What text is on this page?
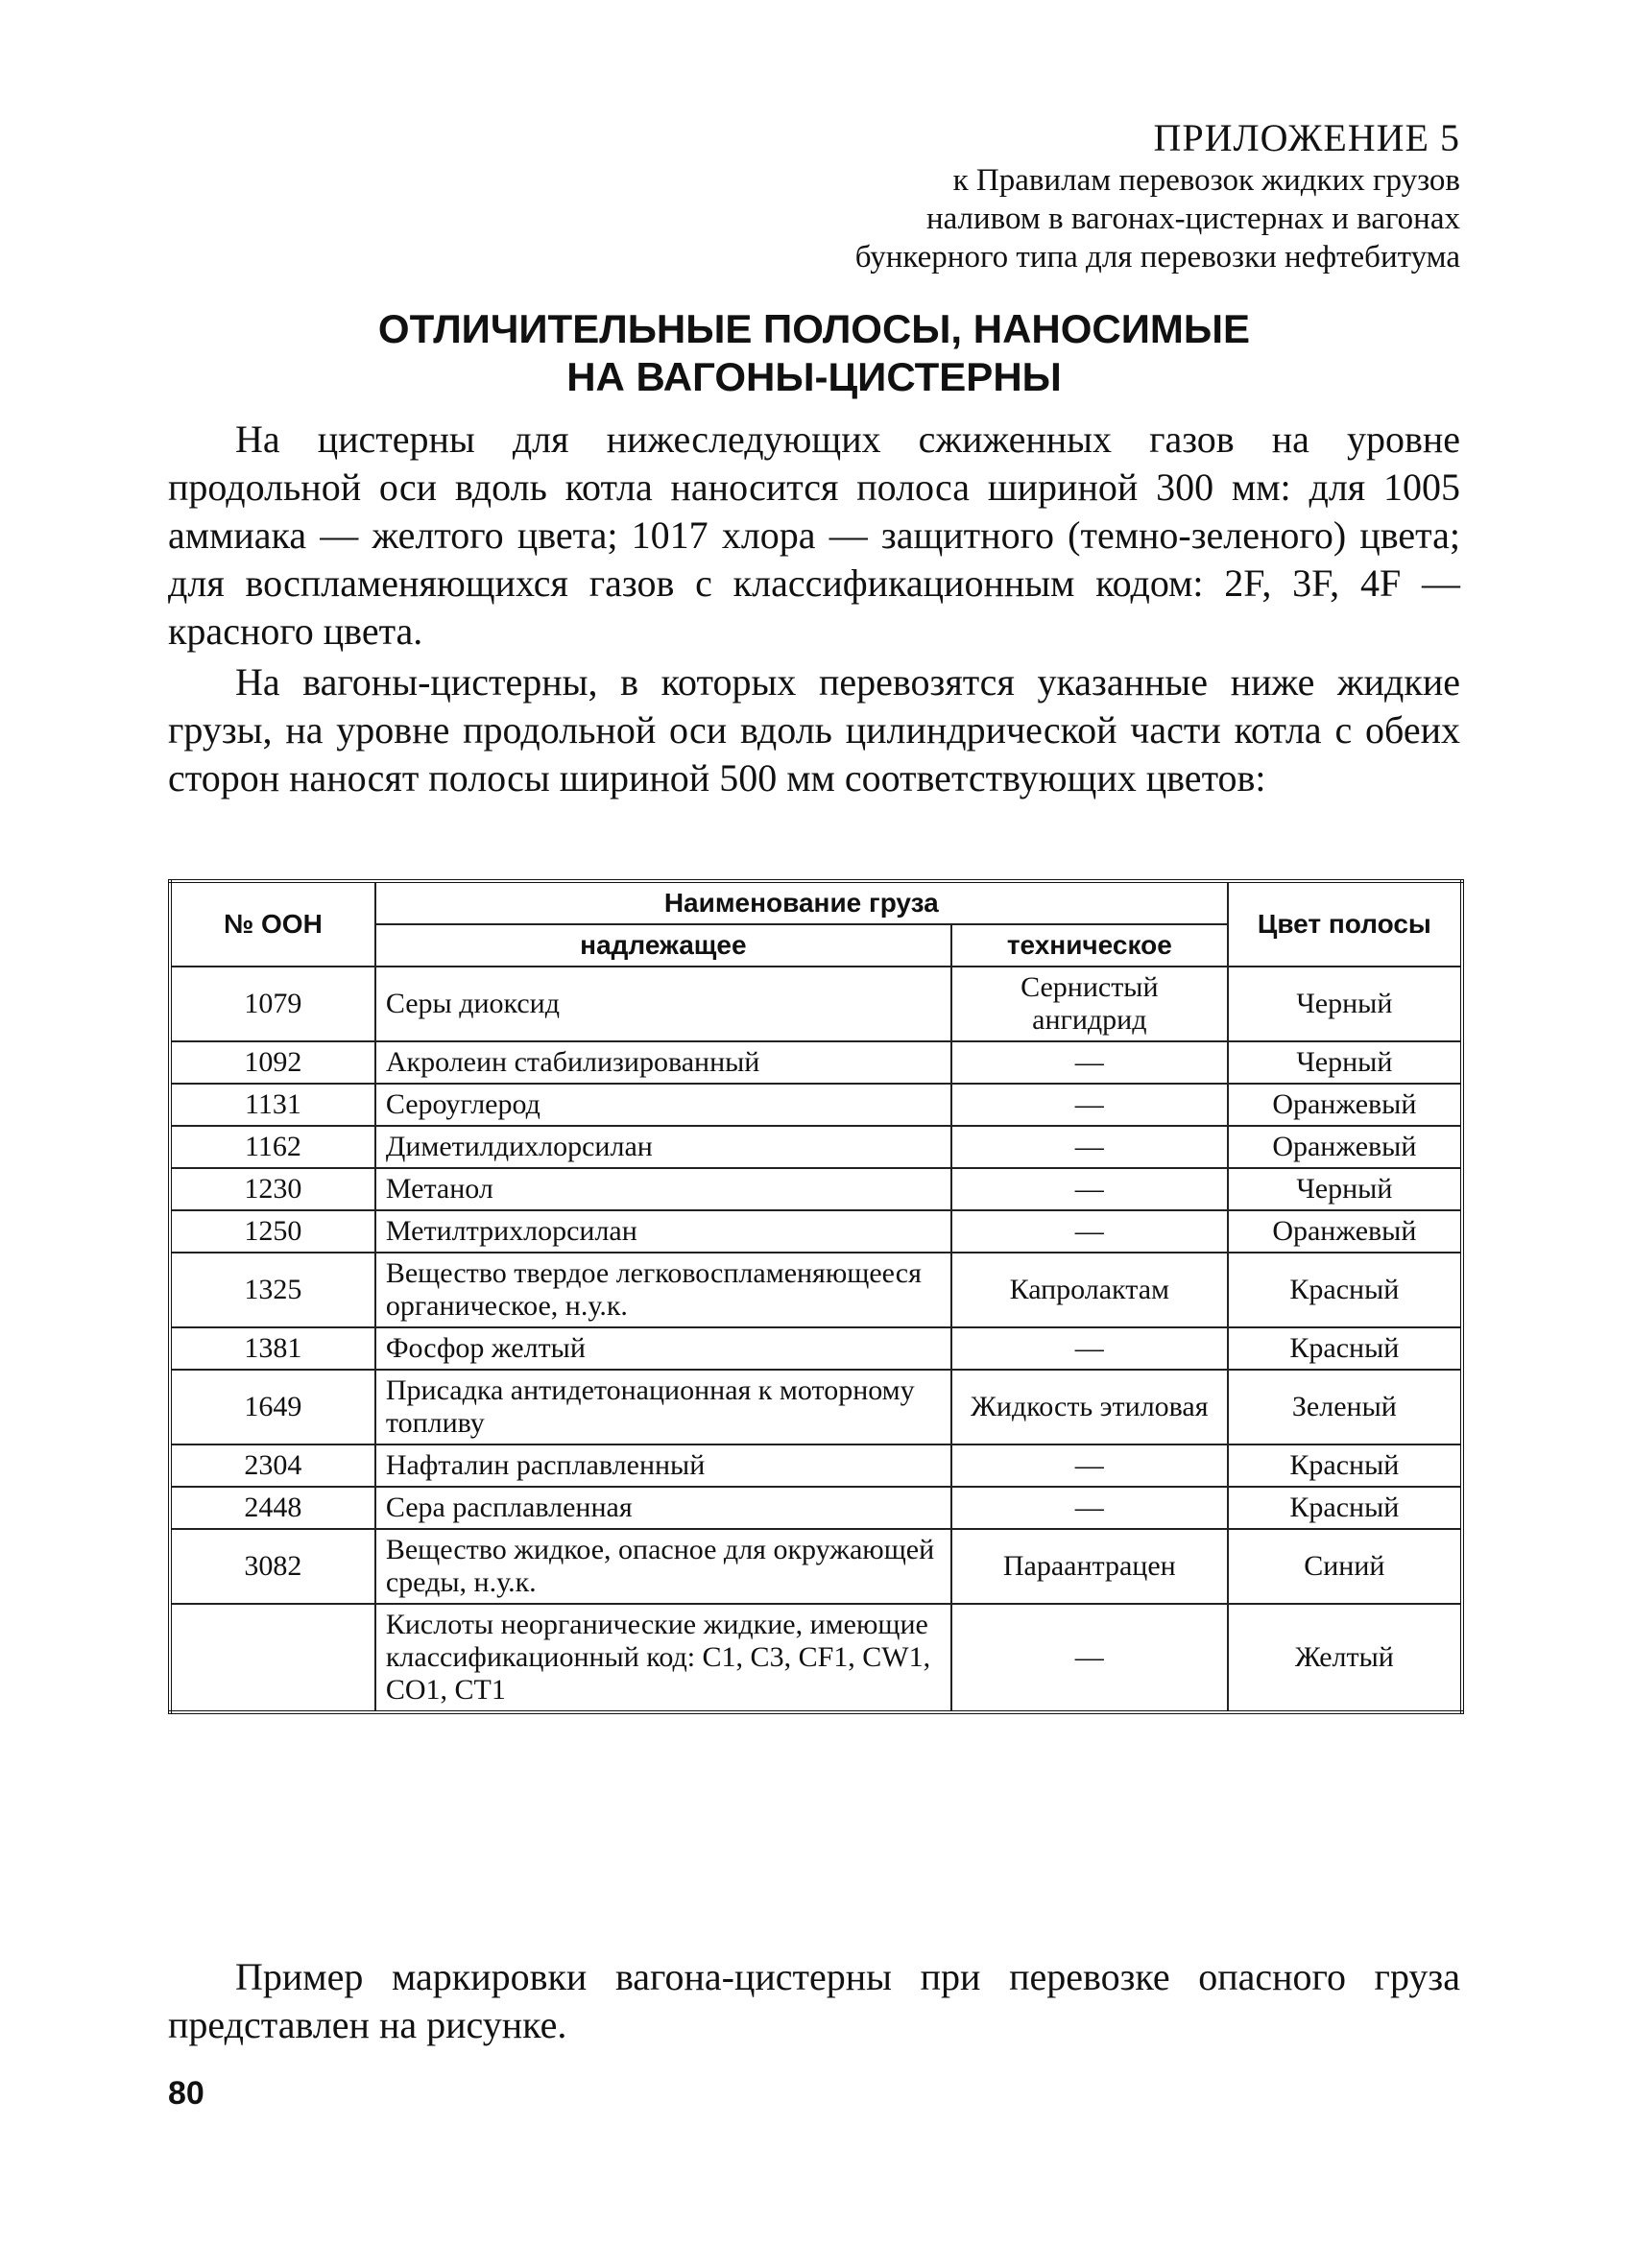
ПРИЛОЖЕНИЕ 5
к Правилам перевозок жидких грузов
наливом в вагонах-цистернах и вагонах
бункерного типа для перевозки нефтебитума
ОТЛИЧИТЕЛЬНЫЕ ПОЛОСЫ, НАНОСИМЫЕ
НА ВАГОНЫ-ЦИСТЕРНЫ

На цистерны для нижеследующих сжиженных газов на уровне продольной оси вдоль котла наносится полоса шириной 300 мм: для 1005 аммиака — желтого цвета; 1017 хлора — защитного (темно-зеленого) цвета; для воспламеняющихся газов с классификационным кодом: 2F, 3F, 4F — красного цвета.

На вагоны-цистерны, в которых перевозятся указанные ниже жидкие грузы, на уровне продольной оси вдоль цилиндрической части котла с обеих сторон наносят полосы шириной 500 мм соответствующих цветов:

№ ООН	Наименование груза		Цвет полосы
	надлежащее	техническое	
1079	Серы диоксид	Сернистый ангидрид	Черный
1092	Акролеин стабилизированный	—	Черный
1131	Сероуглерод	—	Оранжевый
1162	Диметилдихлорсилан	—	Оранжевый
1230	Метанол	—	Черный
1250	Метилтрихлорсилан	—	Оранжевый
1325	Вещество твердое легковоспламеняющееся органическое, н.у.к.	Капролактам	Красный
1381	Фосфор желтый	—	Красный
1649	Присадка антидетонационная к моторному топливу	Жидкость этиловая	Зеленый
2304	Нафталин расплавленный	—	Красный
2448	Сера расплавленная	—	Красный
3082	Вещество жидкое, опасное для окружающей среды, н.у.к.	Параантрацен	Синий
	Кислоты неорганические жидкие, имеющие классификационный код: C1, C3, CF1, CW1, CO1, CT1	—	Желтый

Пример маркировки вагона-цистерны при перевозке опасного груза представлен на рисунке.

80
